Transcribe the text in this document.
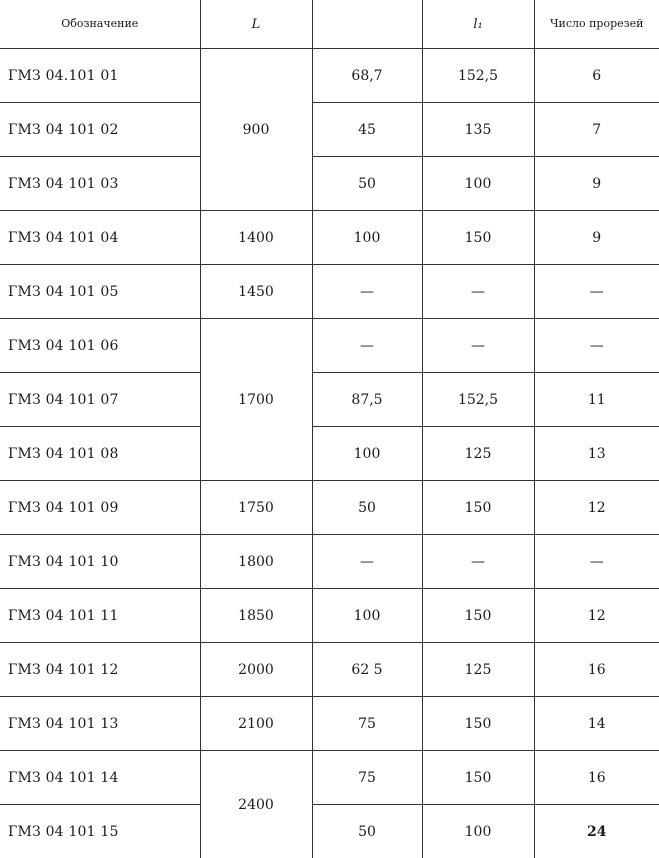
Обозначение	L		l₁	Число прорезей
ГМЗ 04.101 01	900	68,7	152,5	6
ГМЗ 04 101 02		45	135	7
ГМЗ 04 101 03		50	100	9
ГМЗ 04 101 04	1400	100	150	9
ГМЗ 04 101 05	1450	—	—	—
ГМЗ 04 101 06	1700	—	—	—
ГМЗ 04 101 07		87,5	152,5	11
ГМЗ 04 101 08		100	125	13
ГМЗ 04 101 09	1750	50	150	12
ГМЗ 04 101 10	1800	—	—	—
ГМЗ 04 101 11	1850	100	150	12
ГМЗ 04 101 12	2000	62 5	125	16
ГМЗ 04 101 13	2100	75	150	14
ГМЗ 04 101 14	2400	75	150	16
ГМЗ 04 101 15		50	100	24
